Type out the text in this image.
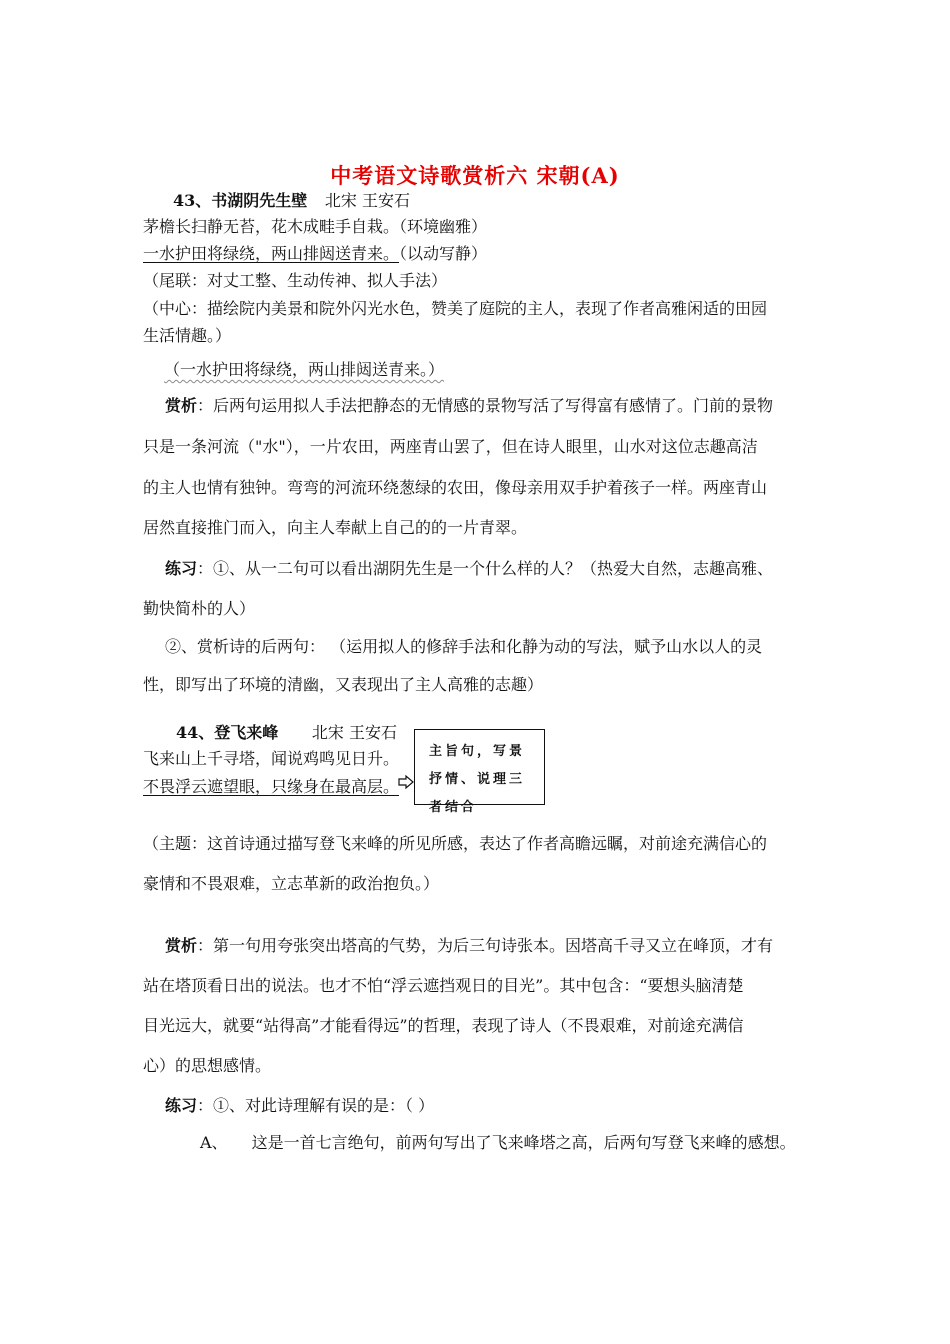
中考语文诗歌赏析六 宋朝(A)
43、书湖阴先生壁 北宋 王安石
茅檐长扫静无苔，花木成畦手自栽。（环境幽雅）
一水护田将绿绕，两山排闼送青来。（以动写静）
（尾联：对丈工整、生动传神、拟人手法）
（中心：描绘院内美景和院外闪光水色，赞美了庭院的主人，表现了作者高雅闲适的田园
生活情趣。）
（一水护田将绿绕，两山排闼送青来。）
赏析：后两句运用拟人手法把静态的无情感的景物写活了写得富有感情了。门前的景物
只是一条河流（"水"），一片农田，两座青山罢了，但在诗人眼里，山水对这位志趣高洁
的主人也情有独钟。弯弯的河流环绕葱绿的农田，像母亲用双手护着孩子一样。两座青山
居然直接推门而入，向主人奉献上自己的的一片青翠。
练习：①、从一二句可以看出湖阴先生是一个什么样的人？（热爱大自然，志趣高雅、
勤快简朴的人）
②、赏析诗的后两句： （运用拟人的修辞手法和化静为动的写法，赋予山水以人的灵
性，即写出了环境的清幽，又表现出了主人高雅的志趣）
44、登飞来峰 北宋 王安石
飞来山上千寻塔，闻说鸡鸣见日升。
不畏浮云遮望眼，只缘身在最高层。
主旨句，写景
抒情、说理三
者结合
（主题：这首诗通过描写登飞来峰的所见所感，表达了作者高瞻远瞩，对前途充满信心的
豪情和不畏艰难，立志革新的政治抱负。）
赏析：第一句用夸张突出塔高的气势，为后三句诗张本。因塔高千寻又立在峰顶，才有
站在塔顶看日出的说法。也才不怕“浮云遮挡观日的目光”。其中包含：“要想头脑清楚
目光远大，就要“站得高”才能看得远”的哲理，表现了诗人（不畏艰难，对前途充满信
心）的思想感情。
练习：①、对此诗理解有误的是：（ ）
A、 这是一首七言绝句，前两句写出了飞来峰塔之高，后两句写登飞来峰的感想。
